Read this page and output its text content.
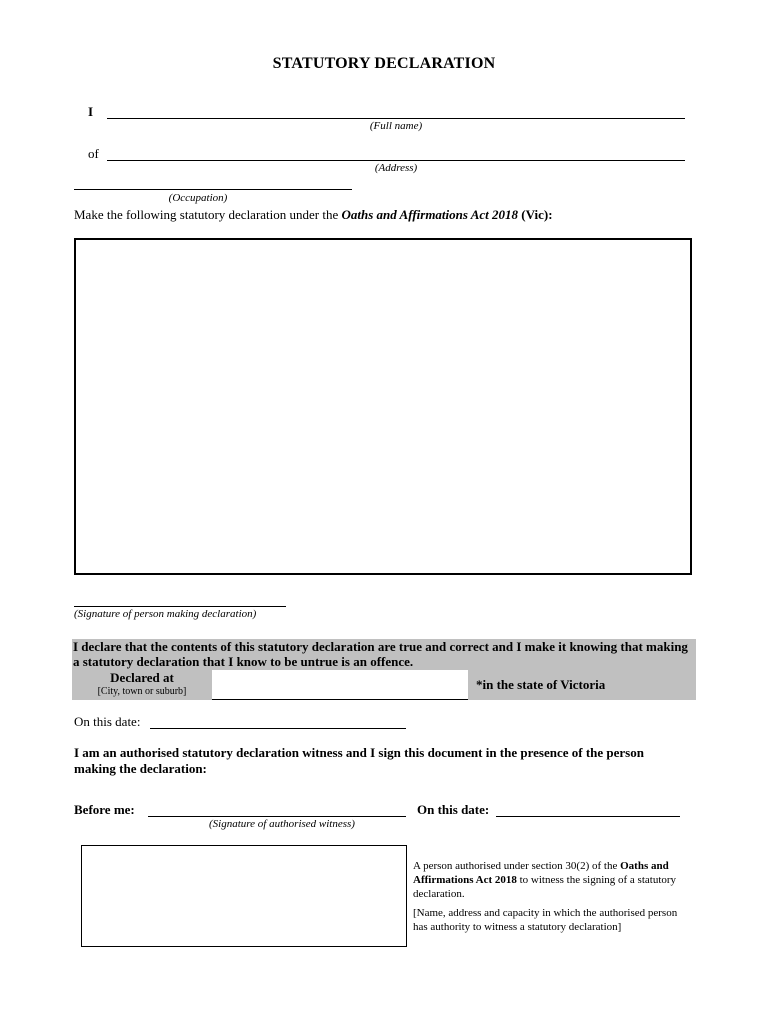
STATUTORY DECLARATION
I
(Full name)
of
(Address)
(Occupation)
Make the following statutory declaration under the Oaths and Affirmations Act 2018 (Vic):
(Signature of person making declaration)
I declare that the contents of this statutory declaration are true and correct and I make it knowing that making a statutory declaration that I know to be untrue is an offence.
Declared at
[City, town or suburb]	*in the state of Victoria
On this date:
I am an authorised statutory declaration witness and I sign this document in the presence of the person making the declaration:
Before me:
(Signature of authorised witness)
On this date:

A person authorised under section 30(2) of the Oaths and Affirmations Act 2018 to witness the signing of a statutory declaration.

[Name, address and capacity in which the authorised person has authority to witness a statutory declaration]
